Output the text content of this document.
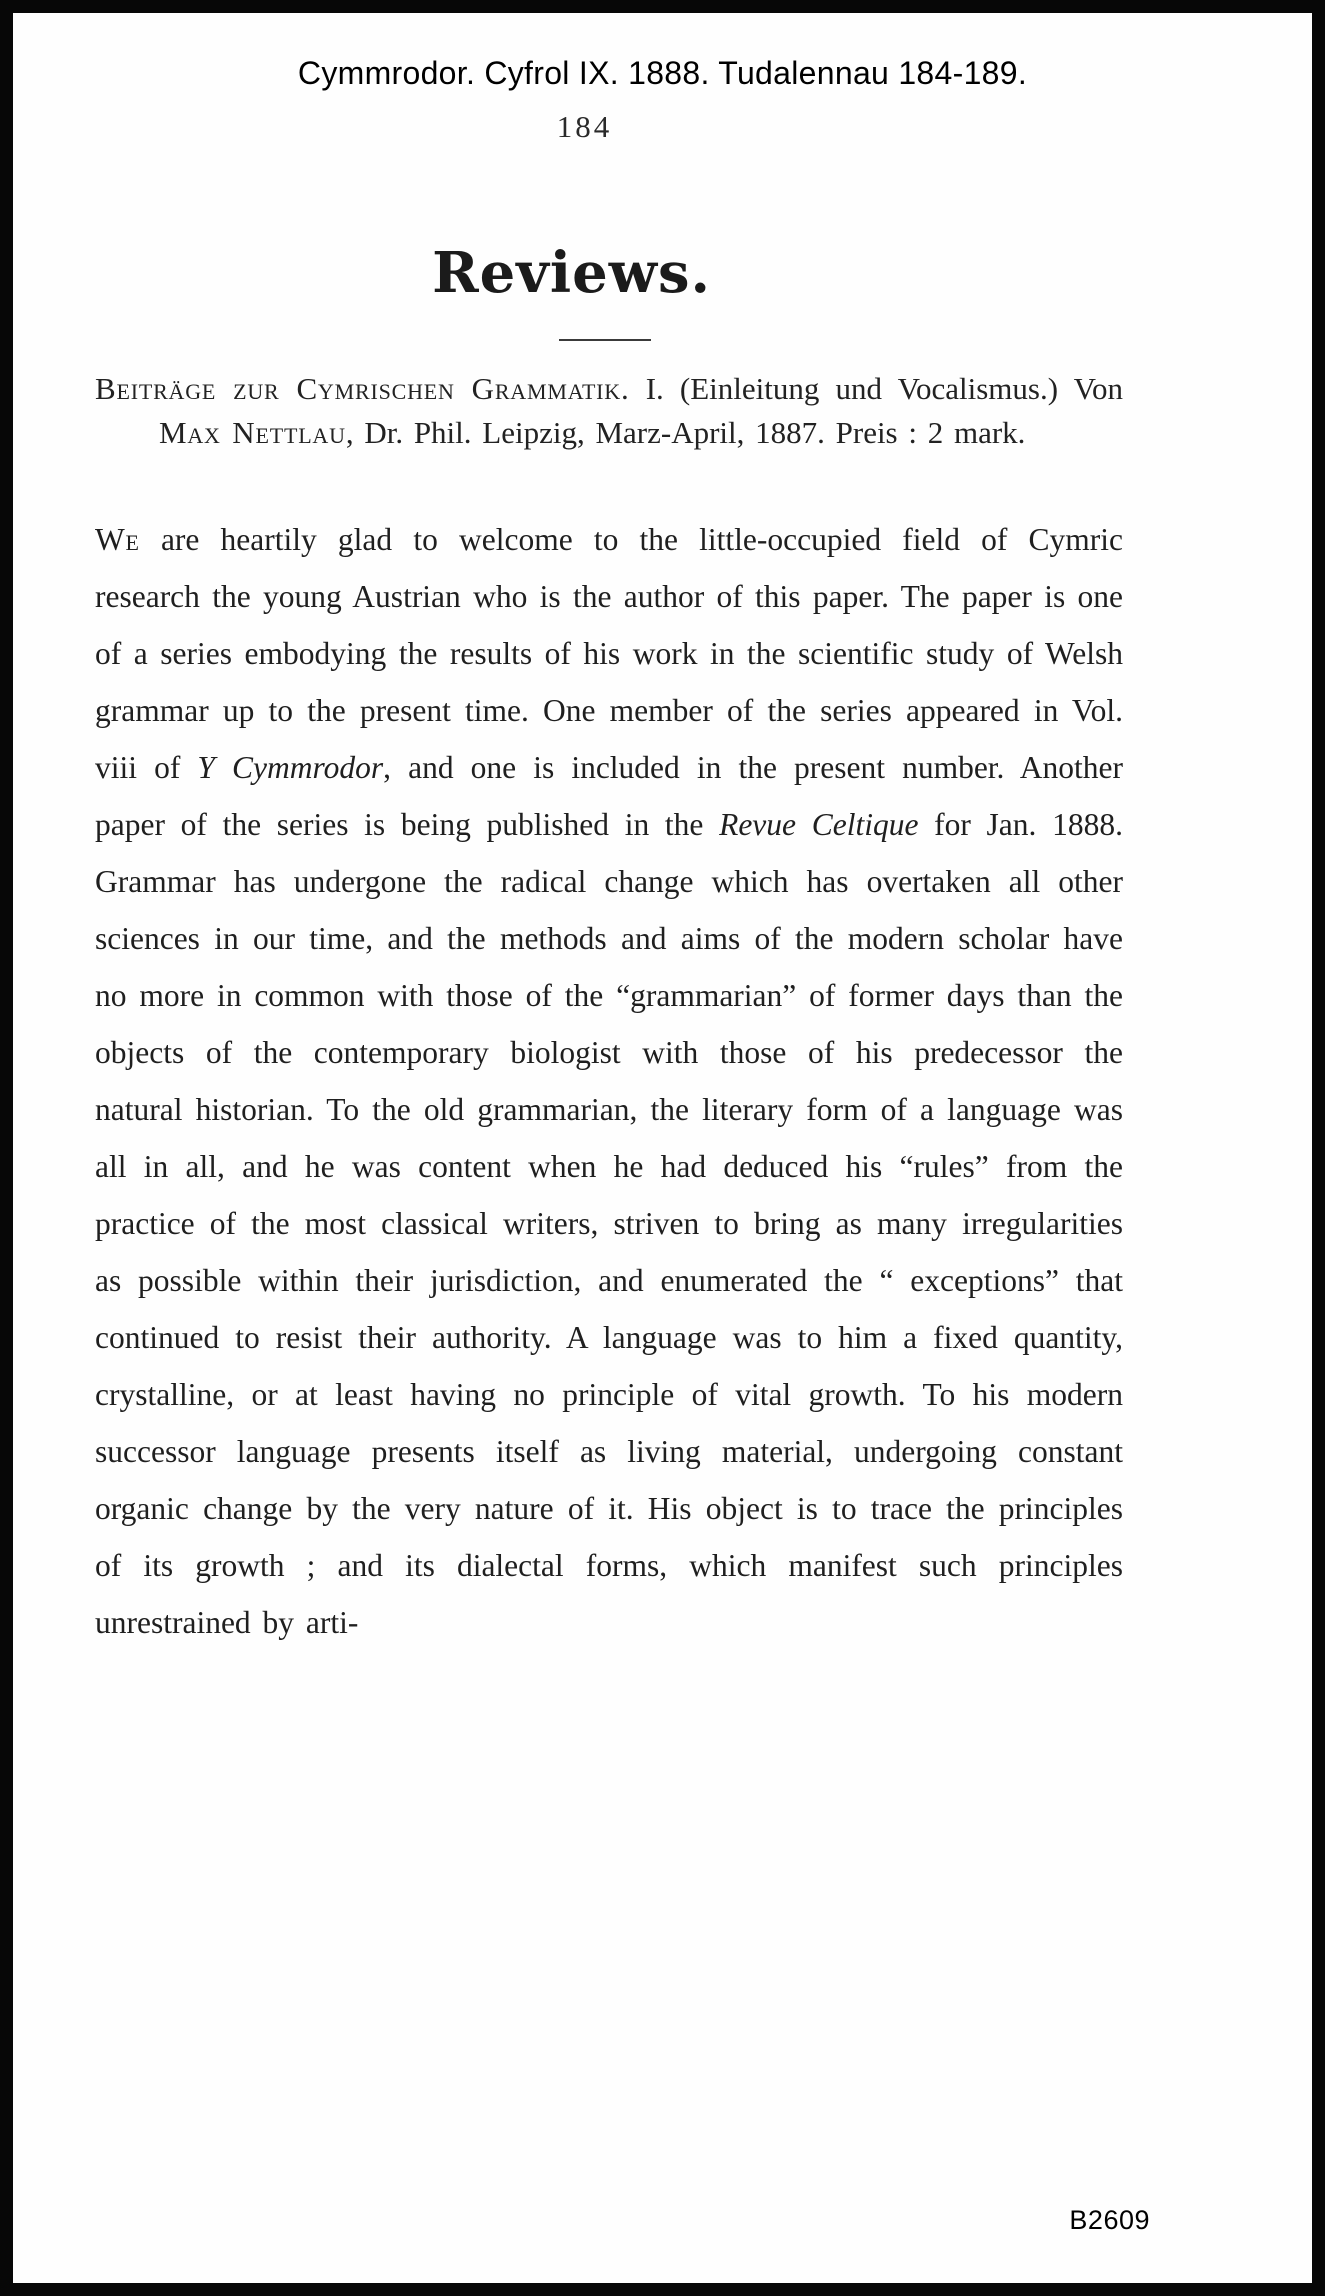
Cymmrodor. Cyfrol IX. 1888. Tudalennau 184-189.
184
Reviews.

Beiträge zur Cymrischen Grammatik. I. (Einleitung und Vocalismus.) Von Max Nettlau, Dr. Phil. Leipzig, Marz-April, 1887. Preis : 2 mark.

We are heartily glad to welcome to the little-occupied field of Cymric research the young Austrian who is the author of this paper. The paper is one of a series embodying the results of his work in the scientific study of Welsh grammar up to the present time. One member of the series appeared in Vol. viii of Y Cymmrodor, and one is included in the present number. Another paper of the series is being published in the Revue Celtique for Jan. 1888. Grammar has undergone the radical change which has overtaken all other sciences in our time, and the methods and aims of the modern scholar have no more in common with those of the “grammarian” of former days than the objects of the contemporary biologist with those of his predecessor the natural historian. To the old grammarian, the literary form of a language was all in all, and he was content when he had deduced his “rules” from the practice of the most classical writers, striven to bring as many irregularities as possible within their jurisdiction, and enumerated the “ exceptions” that continued to resist their authority. A language was to him a fixed quantity, crystalline, or at least having no principle of vital growth. To his modern successor language presents itself as living material, undergoing constant organic change by the very nature of it. His object is to trace the principles of its growth ; and its dialectal forms, which manifest such principles unrestrained by arti-

B2609
